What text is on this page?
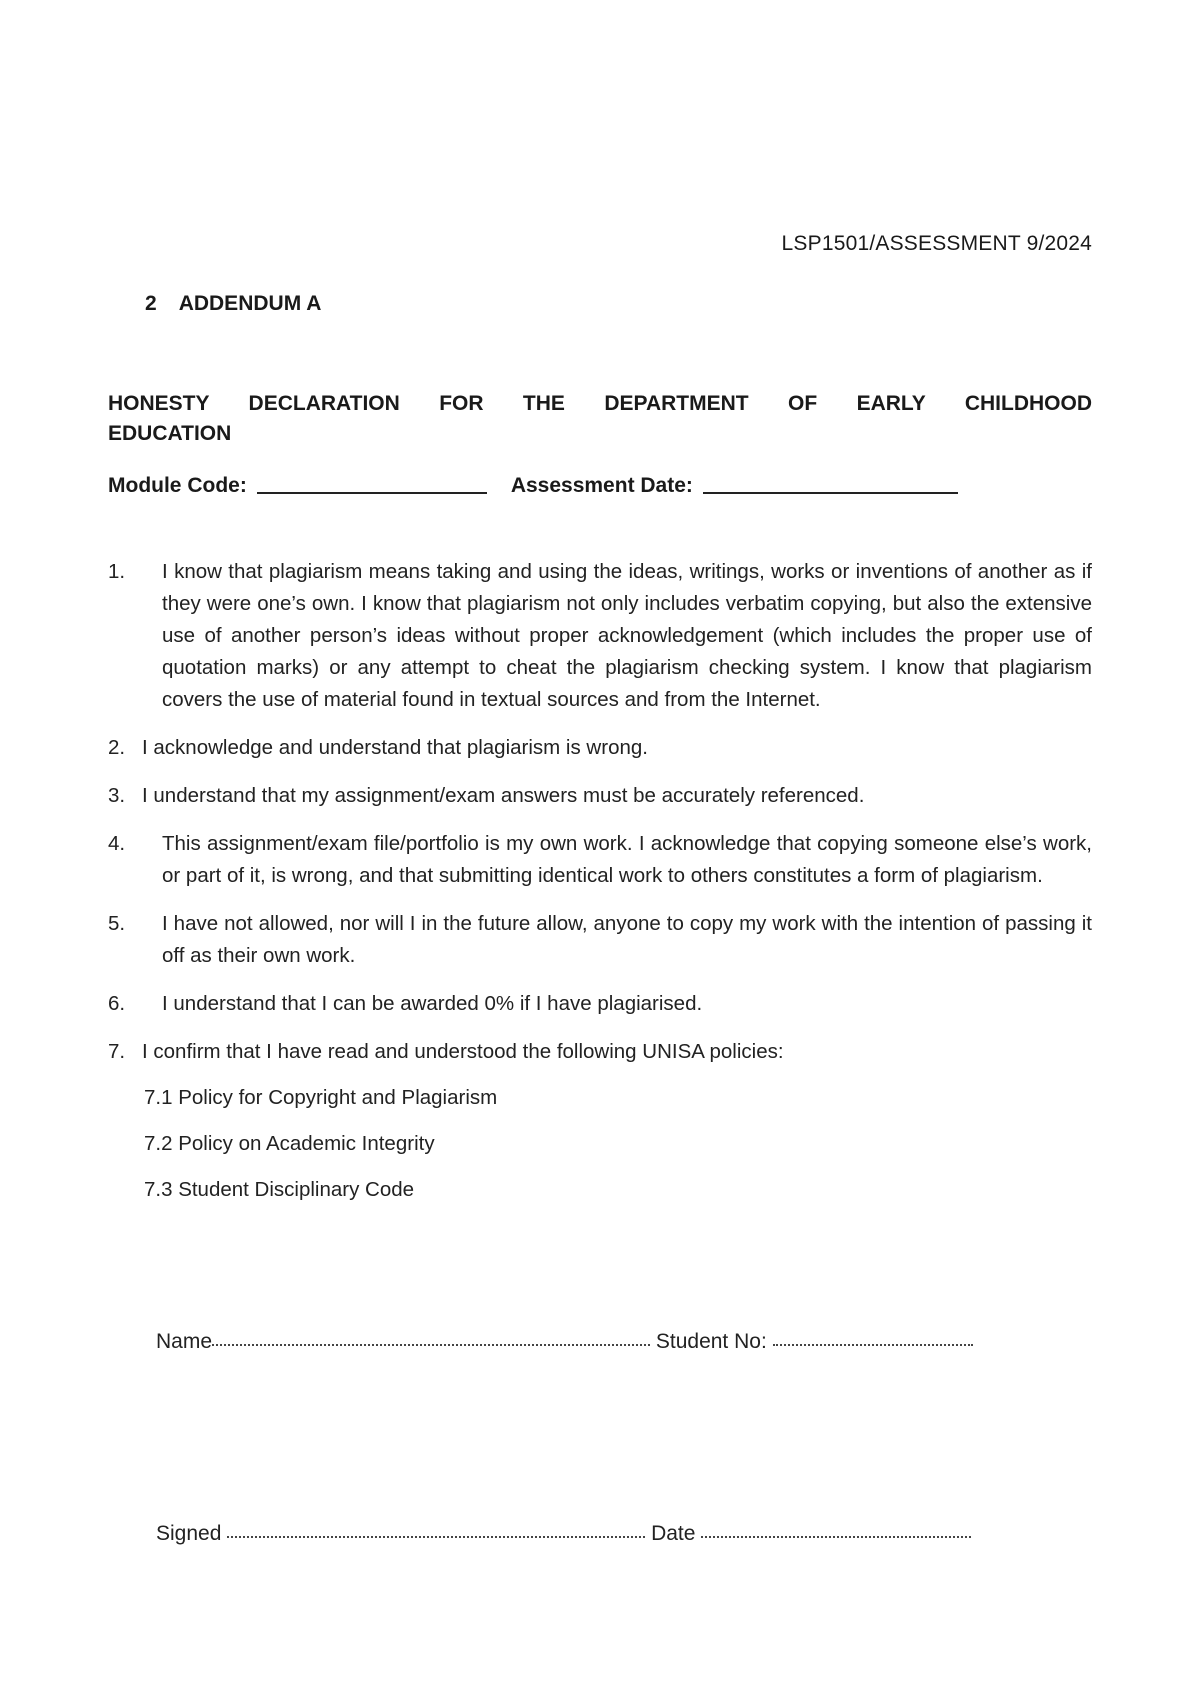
LSP1501/ASSESSMENT 9/2024
2 ADDENDUM A
HONESTY DECLARATION FOR THE DEPARTMENT OF EARLY CHILDHOOD EDUCATION
Module Code:	Assessment Date:
1. I know that plagiarism means taking and using the ideas, writings, works or inventions of another as if they were one’s own. I know that plagiarism not only includes verbatim copying, but also the extensive use of another person’s ideas without proper acknowledgement (which includes the proper use of quotation marks) or any attempt to cheat the plagiarism checking system. I know that plagiarism covers the use of material found in textual sources and from the Internet.
2. I acknowledge and understand that plagiarism is wrong.
3. I understand that my assignment/exam answers must be accurately referenced.
4. This assignment/exam file/portfolio is my own work. I acknowledge that copying someone else’s work, or part of it, is wrong, and that submitting identical work to others constitutes a form of plagiarism.
5. I have not allowed, nor will I in the future allow, anyone to copy my work with the intention of passing it off as their own work.
6. I understand that I can be awarded 0% if I have plagiarised.
7. I confirm that I have read and understood the following UNISA policies:
7.1 Policy for Copyright and Plagiarism
7.2 Policy on Academic Integrity
7.3 Student Disciplinary Code
Name	Student No:
Signed	Date
